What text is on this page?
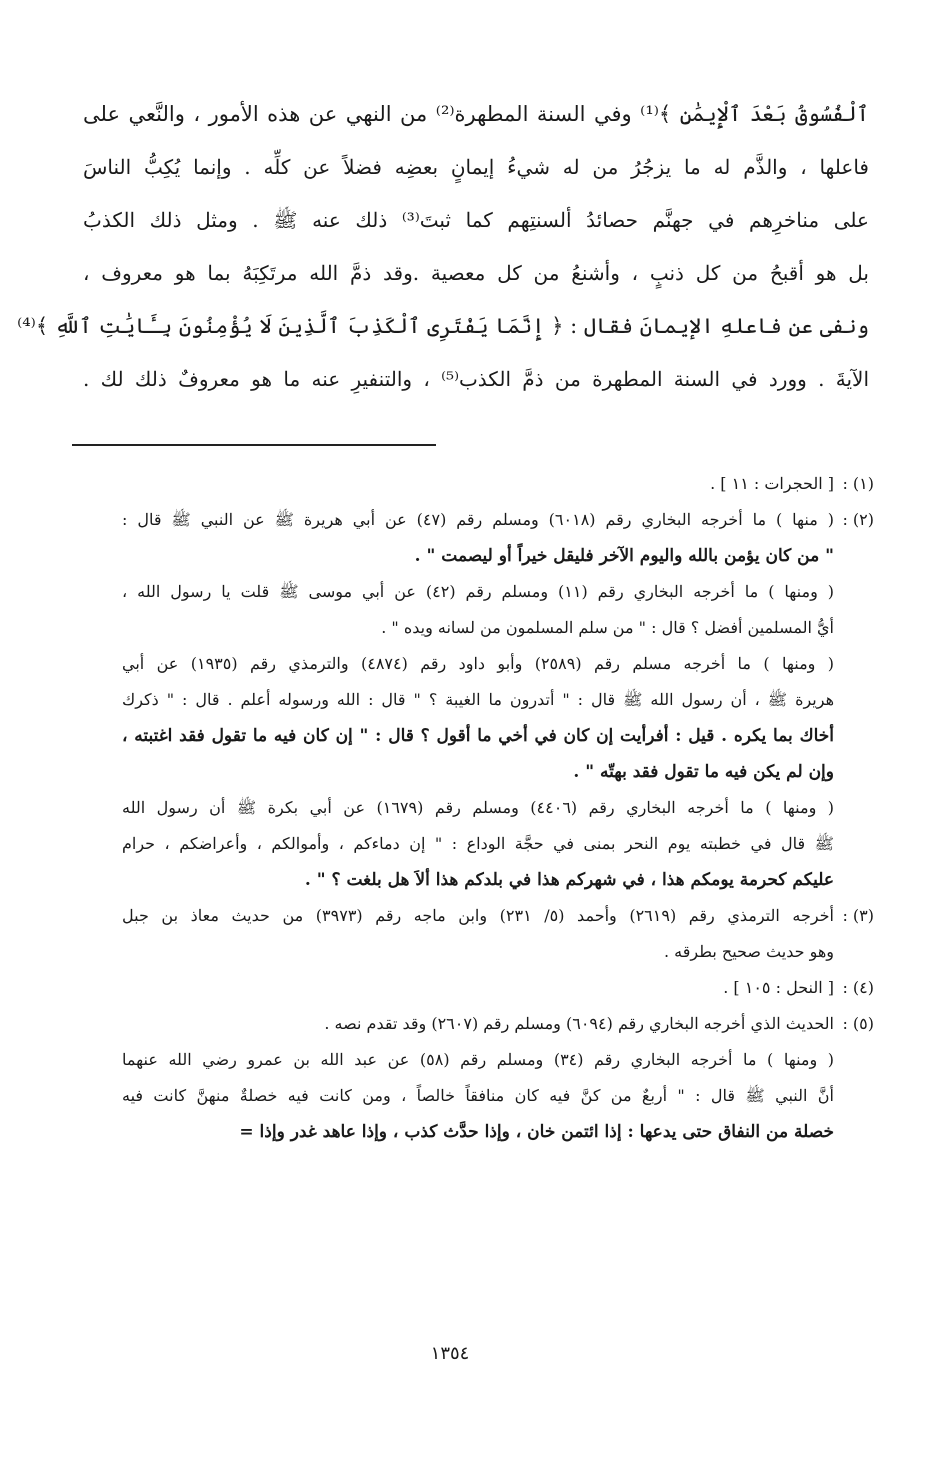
ٱلْفُسُوقُ بَعْدَ ٱلْإِيمَٰنِ ﴾⁽¹⁾ وفي السنة المطهرة⁽²⁾ من النهي عن هذه الأمور ، والنَّعي على
فاعلها ، والذَّم له ما يزجُرُ من له شيءُ إيمانٍ بعضِه فضلاً عن كلِّه . وإنما يُكِبُّ الناسَ
على مناخرِهم في جهنَّم حصائدُ ألسنتِهم كما ثبتَ⁽³⁾ ذلك عنه ﷺ . ومثل ذلك الكذبُ
بل هو أقبحُ من كل ذنبٍ ، وأشنعُ من كل معصية .وقد ذمَّ الله مرتَكِبَهُ بما هو معروف ،
ونفى عن فاعلهِ الإيمانَ فقال : ﴿ إِنَّمَا يَفْتَرِى ٱلْكَذِبَ ٱلَّذِينَ لَا يُؤْمِنُونَ بِـَٔايَٰتِ ٱللَّهِ ﴾⁽⁴⁾
الآيةَ . وورد في السنة المطهرة من ذمَّ الكذب⁽⁵⁾ ، والتنفيرِ عنه ما هو معروفٌ ذلك لك .
(١) :
[ الحجرات : ١١ ] .
(٢) :
( منها ) ما أخرجه البخاري رقم (٦٠١٨) ومسلم رقم (٤٧) عن أبي هريرة ﷺ عن النبي ﷺ قال :
" من كان يؤمن بالله واليوم الآخر فليقل خيراً أو ليصمت " .
( ومنها ) ما أخرجه البخاري رقم (١١) ومسلم رقم (٤٢) عن أبي موسى ﷺ قلت يا رسول الله ،
أيُّ المسلمين أفضل ؟ قال : " من سلم المسلمون من لسانه ويده " .
( ومنها ) ما أخرجه مسلم رقم (٢٥٨٩) وأبو داود رقم (٤٨٧٤) والترمذي رقم (١٩٣٥) عن أبي
هريرة ﷺ ، أن رسول الله ﷺ قال : " أتدرون ما الغيبة ؟ " قال : الله ورسوله أعلم . قال : " ذكرك
أخاك بما يكره . قيل : أفرأيت إن كان في أخي ما أقول ؟ قال : " إن كان فيه ما تقول فقد اغتبته ،
وإن لم يكن فيه ما تقول فقد بهتّه " .
( ومنها ) ما أخرجه البخاري رقم (٤٤٠٦) ومسلم رقم (١٦٧٩) عن أبي بكرة ﷺ أن رسول الله
ﷺ قال في خطبته يوم النحر بمنى في حجَّة الوداع : " إن دماءكم ، وأموالكم ، وأعراضكم ، حرام
عليكم كحرمة يومكم هذا ، في شهركم هذا في بلدكم هذا ألاَ هل بلغت ؟ " .
(٣) :
أخرجه الترمذي رقم (٢٦١٩) وأحمد (٥/ ٢٣١) وابن ماجه رقم (٣٩٧٣) من حديث معاذ بن جبل
وهو حديث صحيح بطرقه .
(٤) :
[ النحل : ١٠٥ ] .
(٥) :
الحديث الذي أخرجه البخاري رقم (٦٠٩٤) ومسلم رقم (٢٦٠٧) وقد تقدم نصه .
( ومنها ) ما أخرجه البخاري رقم (٣٤) ومسلم رقم (٥٨) عن عبد الله بن عمرو رضي الله عنهما
أنَّ النبي ﷺ قال : " أربعٌ من كنَّ فيه كان منافقاً خالصاً ، ومن كانت فيه خصلةٌ منهنَّ كانت فيه
خصلة من النفاق حتى يدعها : إذا ائتمن خان ، وإذا حدَّث كذب ، وإذا عاهد غدر وإذا =
١٣٥٤
